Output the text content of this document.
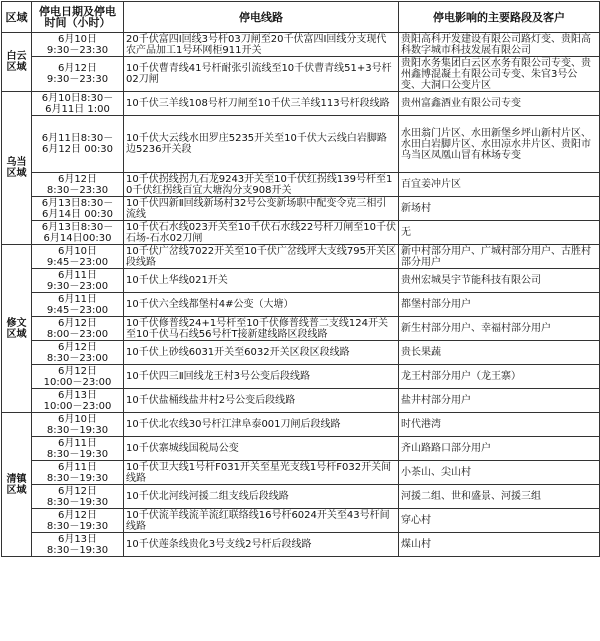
区域	停电日期及停电时间（小时）	停电线路	停电影响的主要路段及客户
白云区域	6月10日
9:30－23:30	20千伏富四Ⅰ回线3号杆03刀闸至20千伏富四Ⅰ回线分支现代农产品加工1号环网柜911开关	贵阳高科开发建设有限公司路灯变、贵阳高科数字城市科技发展有限公司
	6月12日
9:30－23:30	10千伏曹青线41号杆耐张引流线至10千伏曹青线51+3号杆02刀闸	贵阳水务集团白云区水务有限公司专变、贵州鑫博混凝土有限公司专变、朱官3号公变、大洞口公变片区
乌当区域	6月10日8:30－
6月11日 1:00	10千伏三羊线108号杆刀闸至10千伏三羊线113号杆段线路	贵州富鑫酒业有限公司专变
	6月11日8:30－
6月12日 00:30	10千伏大云线水田罗庄5235开关至10千伏大云线白岩脚路边5236开关段	水田翁门片区、水田新堡乡坪山新村片区、水田白岩脚片区、水田凉水井片区、贵阳市乌当区凤凰山冒有林场专变
	6月12日
8:30－23:30	10千伏拐线拐九石龙9243开关至10千伏红拐线139号杆至10千伏红拐线百宜大塘沟分支908开关	百宜姜冲片区
	6月13日8:30－
6月14日 00:30	10千伏四新Ⅱ回线新场村32号公变新场职中配变令克三相引流线	新场村
	6月13日8:30－
6月14日00:30	10千伏石水线023开关至10千伏石水线22号杆刀闸至10千伏石场-石水02刀闸	无
修文区域	6月10日
9:45－23:00	10千伏广岔线7022开关至10千伏广岔线坪大支线795开关区段线路	新中村部分用户、广城村部分用户、古胜村部分用户
	6月11日
9:30－23:00	10千伏上华线021开关	贵州宏城昊宇节能科技有限公司
	6月11日
9:45－23:00	10千伏六全线都堡村4#公变（大塘）	都堡村部分用户
	6月12日
8:00－23:00	10千伏修普线24+1号杆至10千伏修普线普二支线124开关至10千伏马石线56号杆T接新建线路区段线路	新生村部分用户、幸福村部分用户
	6月12日
8:30－23:00	10千伏上砂线6031开关至6032开关区段区段线路	贵长果蔬
	6月12日
10:00－23:00	10千伏四三Ⅱ回线龙王村3号公变后段线路	龙王村部分用户（龙王寨）
	6月13日
10:00－23:00	10千伏盐桶线盐井村2号公变后段线路	盐井村部分用户
清镇区域	6月10日
8:30－19:30	10千伏北农线30号杆江津阜泰001刀闸后段线路	时代港湾
	6月11日
8:30－19:30	10千伏寨城线国税局公变	齐山路路口部分用户
	6月11日
8:30－19:30	10千伏卫大线1号杆F031开关至星光支线1号杆F032开关间线路	小茶山、尖山村
	6月12日
8:30－19:30	10千伏北河线河援二组支线后段线路	河援二组、世和盛景、河援三组
	6月12日
8:30－19:30	10千伏流羊线流羊流红联络线16号杆6024开关至43号杆间线路	穿心村
	6月13日
8:30－19:30	10千伏莲条线贵化3号支线2号杆后段线路	煤山村
